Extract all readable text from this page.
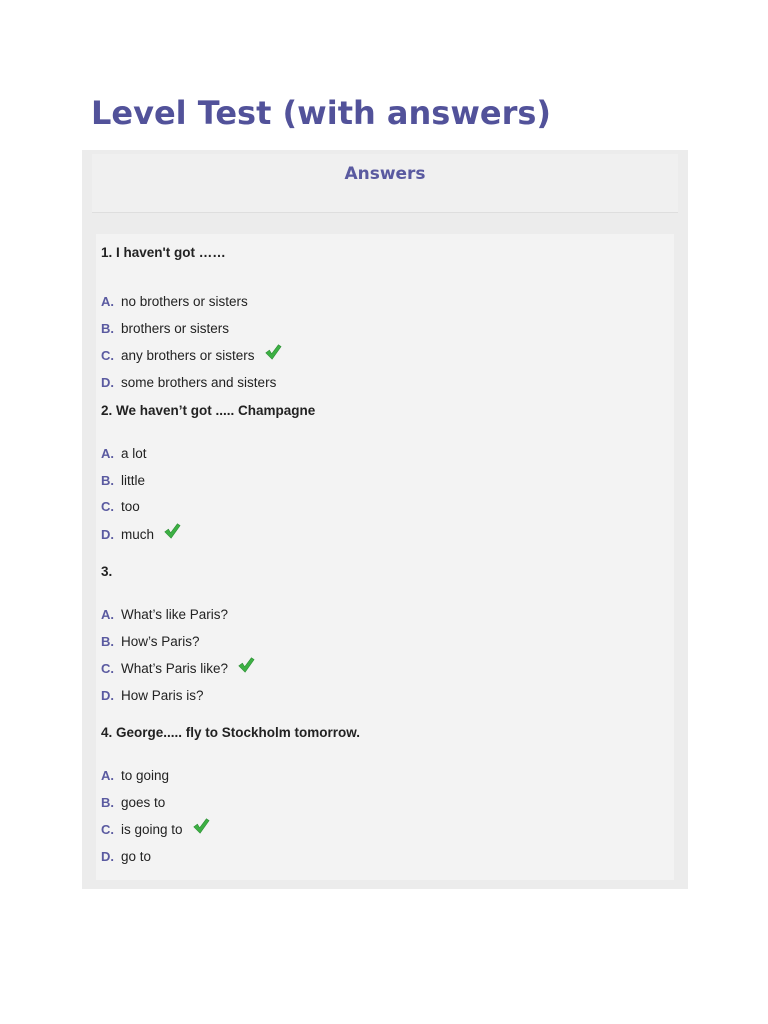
Level Test (with answers)
Answers
1. I haven't got ……
A. no brothers or sisters
B. brothers or sisters
C. any brothers or sisters
D. some brothers and sisters
2. We haven’t got ..... Champagne
A. a lot
B. little
C. too
D. much
3.
A. What’s like Paris?
B. How’s Paris?
C. What’s Paris like?
D. How Paris is?
4. George..... fly to Stockholm tomorrow.
A. to going
B. goes to
C. is going to
D. go to
